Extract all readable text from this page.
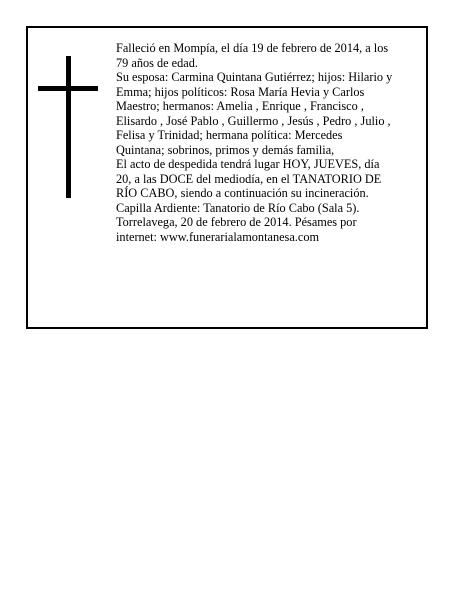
Falleció en Mompía, el día 19 de febrero de 2014, a los
79 años de edad.
Su esposa: Carmina Quintana Gutiérrez; hijos: Hilario y
Emma; hijos políticos: Rosa María Hevia y Carlos
Maestro; hermanos: Amelia , Enrique , Francisco ,
Elisardo , José Pablo , Guillermo , Jesús , Pedro , Julio ,
Felisa y Trinidad; hermana política: Mercedes
Quintana; sobrinos, primos y demás familia,
El acto de despedida tendrá lugar HOY, JUEVES, día
20, a las DOCE del mediodía, en el TANATORIO DE
RÍO CABO, siendo a continuación su incineración.
Capilla Ardiente: Tanatorio de Río Cabo (Sala 5).
Torrelavega, 20 de febrero de 2014. Pésames por
internet: www.funerarialamontanesa.com
